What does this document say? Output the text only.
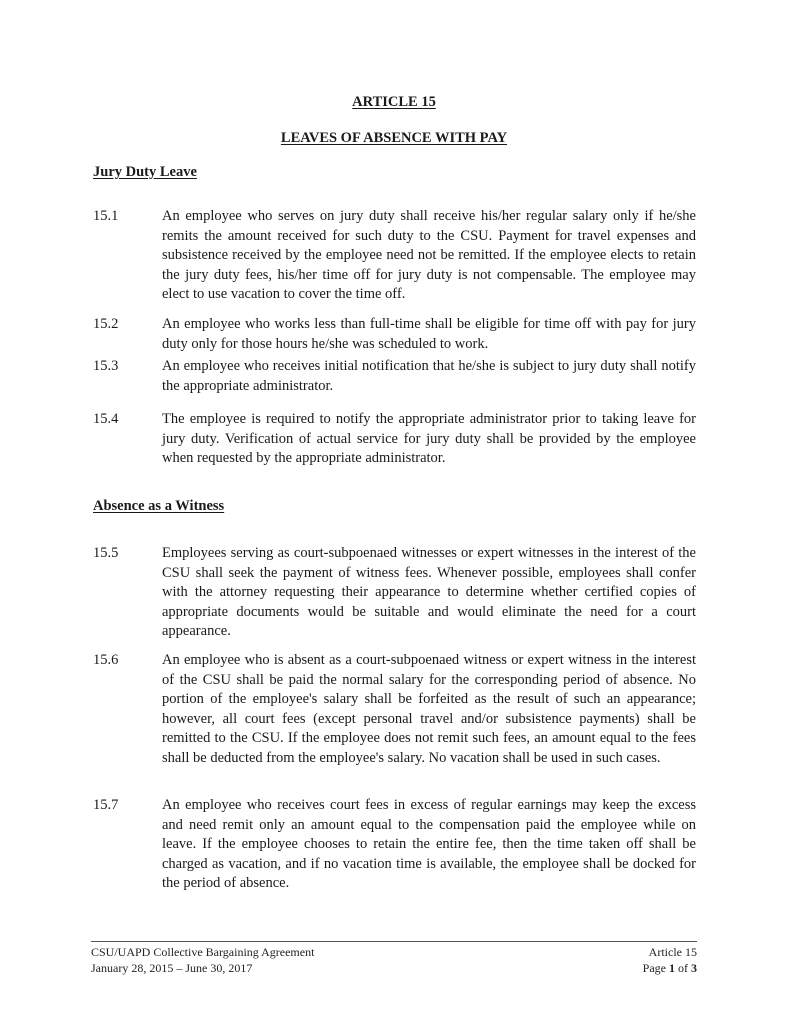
ARTICLE 15
LEAVES OF ABSENCE WITH PAY
Jury Duty Leave
15.1	An employee who serves on jury duty shall receive his/her regular salary only if he/she remits the amount received for such duty to the CSU. Payment for travel expenses and subsistence received by the employee need not be remitted. If the employee elects to retain the jury duty fees, his/her time off for jury duty is not compensable. The employee may elect to use vacation to cover the time off.

15.2	An employee who works less than full-time shall be eligible for time off with pay for jury duty only for those hours he/she was scheduled to work.

15.3	An employee who receives initial notification that he/she is subject to jury duty shall notify the appropriate administrator.

15.4	The employee is required to notify the appropriate administrator prior to taking leave for jury duty. Verification of actual service for jury duty shall be provided by the employee when requested by the appropriate administrator.

Absence as a Witness
15.5	Employees serving as court-subpoenaed witnesses or expert witnesses in the interest of the CSU shall seek the payment of witness fees. Whenever possible, employees shall confer with the attorney requesting their appearance to determine whether certified copies of appropriate documents would be suitable and would eliminate the need for a court appearance.

15.6	An employee who is absent as a court-subpoenaed witness or expert witness in the interest of the CSU shall be paid the normal salary for the corresponding period of absence. No portion of the employee's salary shall be forfeited as the result of such an appearance; however, all court fees (except personal travel and/or subsistence payments) shall be remitted to the CSU. If the employee does not remit such fees, an amount equal to the fees shall be deducted from the employee's salary. No vacation shall be used in such cases.

15.7	An employee who receives court fees in excess of regular earnings may keep the excess and need remit only an amount equal to the compensation paid the employee while on leave. If the employee chooses to retain the entire fee, then the time taken off shall be charged as vacation, and if no vacation time is available, the employee shall be docked for the period of absence.

CSU/UAPD Collective Bargaining Agreement
January 28, 2015 – June 30, 2017
Article 15
Page 1 of 3
